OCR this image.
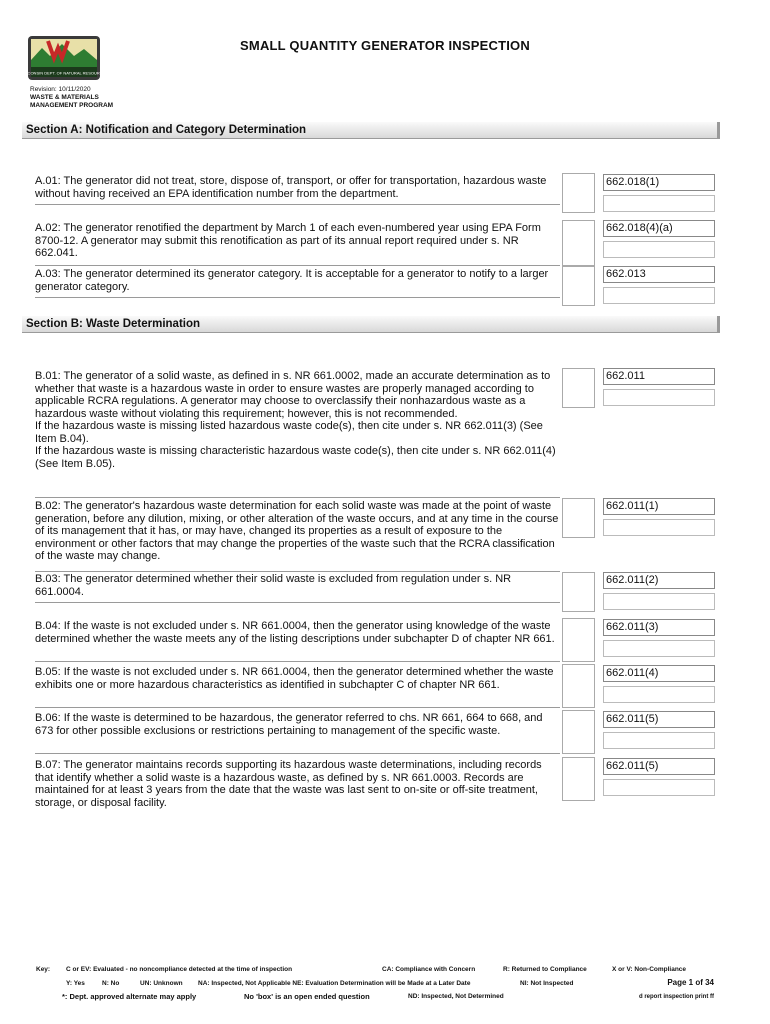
SMALL QUANTITY GENERATOR INSPECTION
WISCONSIN DEPT. OF NATURAL RESOURCES
Revision: 10/11/2020
WASTE & MATERIALS
MANAGEMENT PROGRAM
Section A: Notification and Category Determination
A.01: The generator did not treat, store, dispose of, transport, or offer for transportation, hazardous waste without having received an EPA identification number from the department.
662.018(1)
A.02: The generator renotified the department by March 1 of each even-numbered year using EPA Form 8700-12. A generator may submit this renotification as part of its annual report required under s. NR 662.041.
662.018(4)(a)
A.03: The generator determined its generator category. It is acceptable for a generator to notify to a larger generator category.
662.013
Section B: Waste Determination
B.01: The generator of a solid waste, as defined in s. NR 661.0002, made an accurate determination as to whether that waste is a hazardous waste in order to ensure wastes are properly managed according to applicable RCRA regulations. A generator may choose to overclassify their nonhazardous waste as a hazardous waste without violating this requirement; however, this is not recommended.
If the hazardous waste is missing listed hazardous waste code(s), then cite under s. NR 662.011(3) (See Item B.04).
If the hazardous waste is missing characteristic hazardous waste code(s), then cite under s. NR 662.011(4) (See Item B.05).
662.011
B.02: The generator's hazardous waste determination for each solid waste was made at the point of waste generation, before any dilution, mixing, or other alteration of the waste occurs, and at any time in the course of its management that it has, or may have, changed its properties as a result of exposure to the environment or other factors that may change the properties of the waste such that the RCRA classification of the waste may change.
662.011(1)
B.03: The generator determined whether their solid waste is excluded from regulation under s. NR 661.0004.
662.011(2)
B.04: If the waste is not excluded under s. NR 661.0004, then the generator using knowledge of the waste determined whether the waste meets any of the listing descriptions under subchapter D of chapter NR 661.
662.011(3)
B.05: If the waste is not excluded under s. NR 661.0004, then the generator determined whether the waste exhibits one or more hazardous characteristics as identified in subchapter C of chapter NR 661.
662.011(4)
B.06: If the waste is determined to be hazardous, the generator referred to chs. NR 661, 664 to 668, and 673 for other possible exclusions or restrictions pertaining to management of the specific waste.
662.011(5)
B.07: The generator maintains records supporting its hazardous waste determinations, including records that identify whether a solid waste is a hazardous waste, as defined by s. NR 661.0003. Records are maintained for at least 3 years from the date that the waste was last sent to on-site or off-site treatment, storage, or disposal facility.
662.011(5)
Key: C or EV: Evaluated - no noncompliance detected at the time of inspection	CA: Compliance with Concern	R: Returned to Compliance	X or V: Non-Compliance
Y: Yes	N: No	UN: Unknown NA: Inspected, Not Applicable NE: Evaluation Determination will be Made at a Later Date	NI: Not Inspected
*: Dept. approved alternate may apply	No 'box' is an open ended question	ND: Inspected, Not Determined
Page 1 of 34
d report inspection print ff
